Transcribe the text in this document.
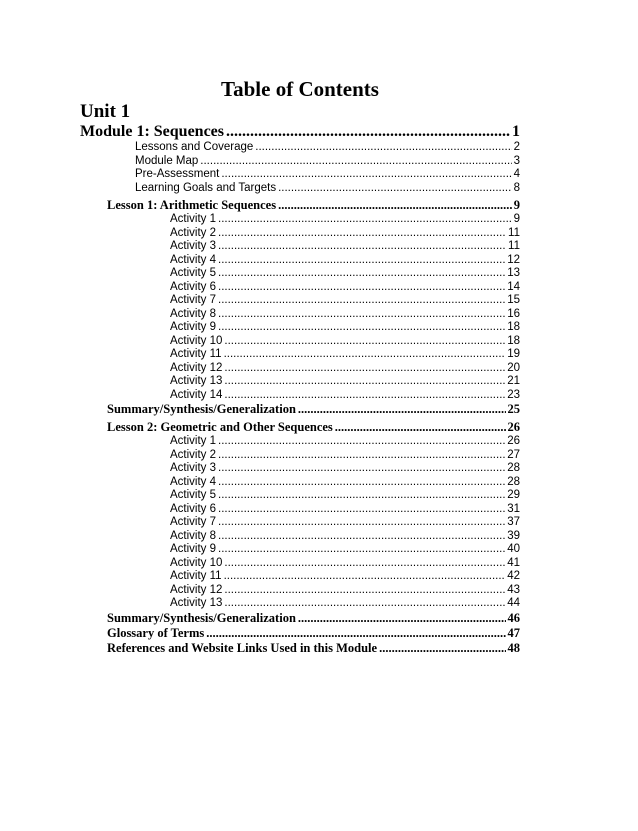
Table of Contents
Unit 1
Module 1: Sequences .....	1
Lessons and Coverage .....	2
Module Map .....	3
Pre-Assessment .....	4
Learning Goals and Targets .....	8
Lesson 1: Arithmetic Sequences .....	9
Activity 1 .....	9
Activity 2 .....	11
Activity 3 .....	11
Activity 4 .....	12
Activity 5 .....	13
Activity 6 .....	14
Activity 7 .....	15
Activity 8 .....	16
Activity 9 .....	18
Activity 10 .....	18
Activity 11 .....	19
Activity 12 .....	20
Activity 13 .....	21
Activity 14 .....	23
Summary/Synthesis/Generalization .....	25
Lesson 2: Geometric and Other Sequences .....	26
Activity 1 .....	26
Activity 2 .....	27
Activity 3 .....	28
Activity 4 .....	28
Activity 5 .....	29
Activity 6 .....	31
Activity 7 .....	37
Activity 8 .....	39
Activity 9 .....	40
Activity 10 .....	41
Activity 11 .....	42
Activity 12 .....	43
Activity 13 .....	44
Summary/Synthesis/Generalization .....	46
Glossary of Terms .....	47
References and Website Links Used in this Module .....	48
